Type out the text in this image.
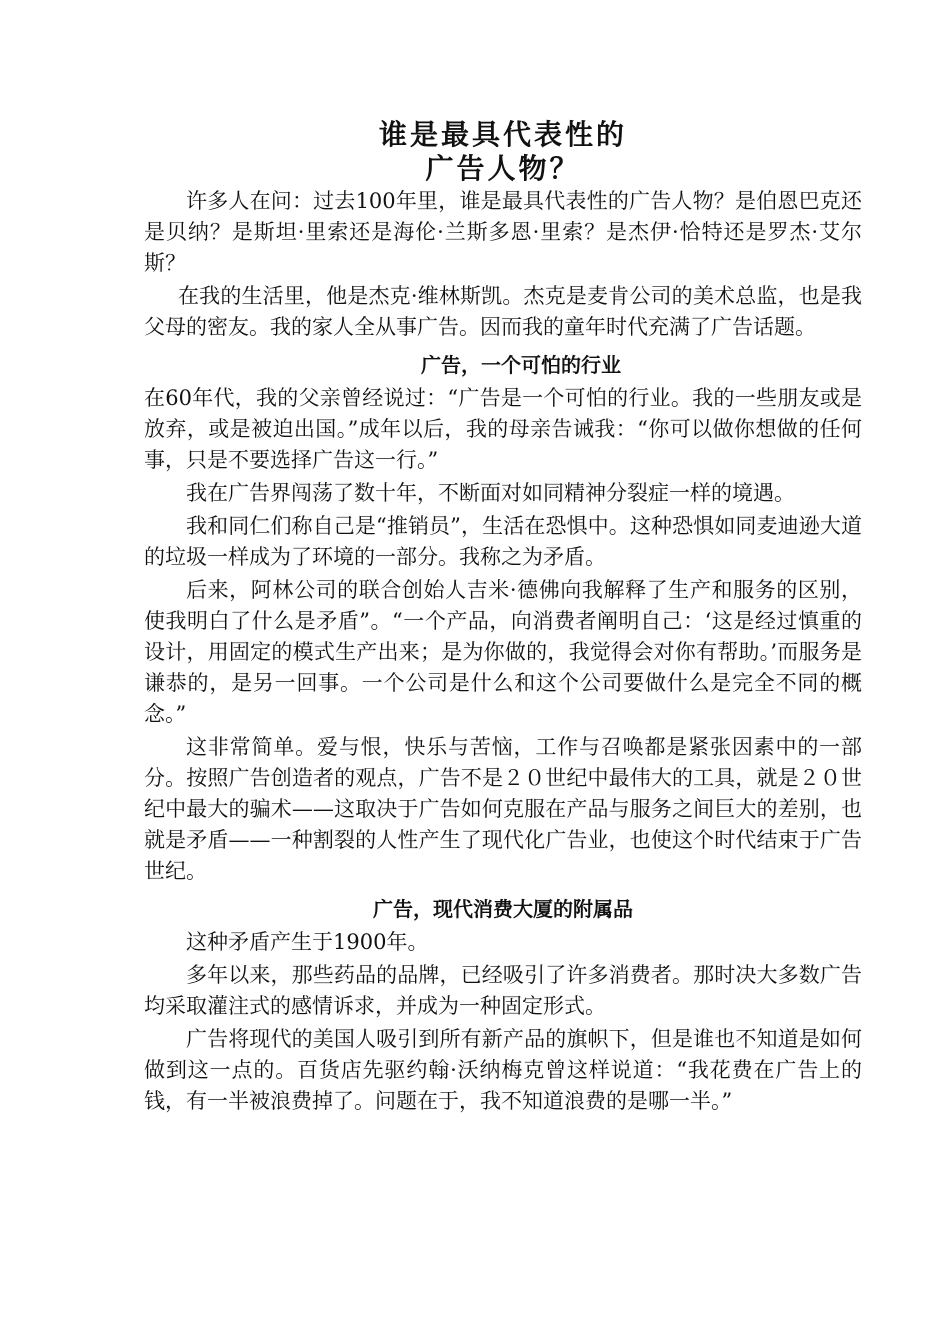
谁是最具代表性的
广告人物？

许多人在问：过去100年里，谁是最具代表性的广告人物？是伯恩巴克还是贝纳？是斯坦·里索还是海伦·兰斯多恩·里索？是杰伊·恰特还是罗杰·艾尔斯？

在我的生活里，他是杰克·维林斯凯。杰克是麦肯公司的美术总监，也是我父母的密友。我的家人全从事广告。因而我的童年时代充满了广告话题。

广告，一个可怕的行业

在60年代，我的父亲曾经说过：“广告是一个可怕的行业。我的一些朋友或是放弃，或是被迫出国。”成年以后，我的母亲告诫我：“你可以做你想做的任何事，只是不要选择广告这一行。”

我在广告界闯荡了数十年，不断面对如同精神分裂症一样的境遇。

我和同仁们称自己是“推销员”，生活在恐惧中。这种恐惧如同麦迪逊大道的垃圾一样成为了环境的一部分。我称之为矛盾。

后来，阿林公司的联合创始人吉米·德佛向我解释了生产和服务的区别，使我明白了什么是矛盾”。“一个产品，向消费者阐明自己：‘这是经过慎重的设计，用固定的模式生产出来；是为你做的，我觉得会对你有帮助。’而服务是谦恭的，是另一回事。一个公司是什么和这个公司要做什么是完全不同的概念。”

这非常简单。爱与恨，快乐与苦恼，工作与召唤都是紧张因素中的一部分。按照广告创造者的观点，广告不是２０世纪中最伟大的工具，就是２０世纪中最大的骗术——这取决于广告如何克服在产品与服务之间巨大的差别，也就是矛盾——一种割裂的人性产生了现代化广告业，也使这个时代结束于广告世纪。

广告，现代消费大厦的附属品

这种矛盾产生于1900年。

多年以来，那些药品的品牌，已经吸引了许多消费者。那时决大多数广告均采取灌注式的感情诉求，并成为一种固定形式。

广告将现代的美国人吸引到所有新产品的旗帜下，但是谁也不知道是如何做到这一点的。百货店先驱约翰·沃纳梅克曾这样说道：“我花费在广告上的钱，有一半被浪费掉了。问题在于，我不知道浪费的是哪一半。”
